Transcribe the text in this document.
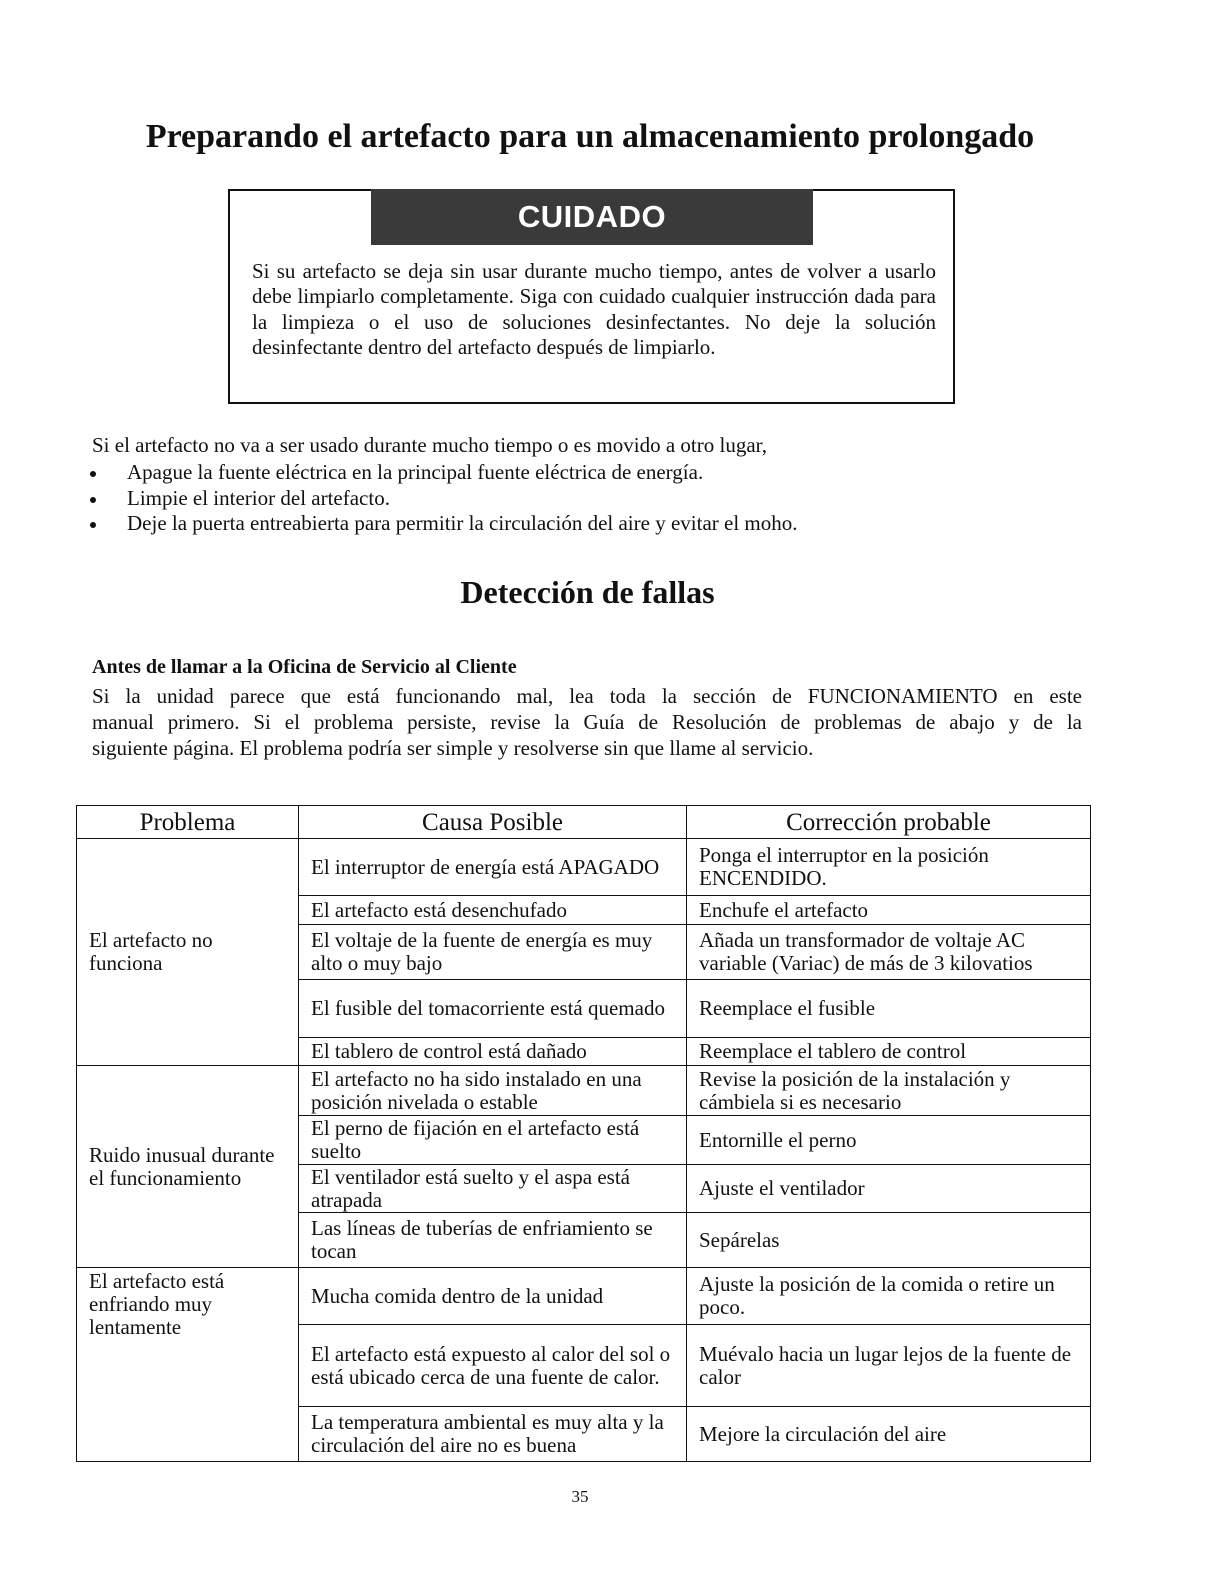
Preparando el artefacto para un almacenamiento prolongado
CUIDADO

Si su artefacto se deja sin usar durante mucho tiempo, antes de volver a usarlo debe limpiarlo completamente. Siga con cuidado cualquier instrucción dada para la limpieza o el uso de soluciones desinfectantes. No deje la solución desinfectante dentro del artefacto después de limpiarlo.

Si el artefacto no va a ser usado durante mucho tiempo o es movido a otro lugar,

Apague la fuente eléctrica en la principal fuente eléctrica de energía.
Limpie el interior del artefacto.
Deje la puerta entreabierta para permitir la circulación del aire y evitar el moho.
Detección de fallas

Antes de llamar a la Oficina de Servicio al Cliente

Si la unidad parece que está funcionando mal, lea toda la sección de FUNCIONAMIENTO en este
manual primero. Si el problema persiste, revise la Guía de Resolución de problemas de abajo y de la
siguiente página. El problema podría ser simple y resolverse sin que llame al servicio.

Problema	Causa Posible	Corrección probable
El artefacto no funciona	El interruptor de energía está APAGADO	Ponga el interruptor en la posición ENCENDIDO.
	El artefacto está desenchufado	Enchufe el artefacto
	El voltaje de la fuente de energía es muy alto o muy bajo	Añada un transformador de voltaje AC variable (Variac) de más de 3 kilovatios
	El fusible del tomacorriente está quemado	Reemplace el fusible
	El tablero de control está dañado	Reemplace el tablero de control
Ruido inusual durante el funcionamiento	El artefacto no ha sido instalado en una posición nivelada o estable	Revise la posición de la instalación y cámbiela si es necesario
	El perno de fijación en el artefacto está suelto	Entornille el perno
	El ventilador está suelto y el aspa está atrapada	Ajuste el ventilador
	Las líneas de tuberías de enfriamiento se tocan	Sepárelas
El artefacto está enfriando muy lentamente	Mucha comida dentro de la unidad	Ajuste la posición de la comida o retire un poco.
	El artefacto está expuesto al calor del sol o está ubicado cerca de una fuente de calor.	Muévalo hacia un lugar lejos de la fuente de calor
	La temperatura ambiental es muy alta y la circulación del aire no es buena	Mejore la circulación del aire
35
